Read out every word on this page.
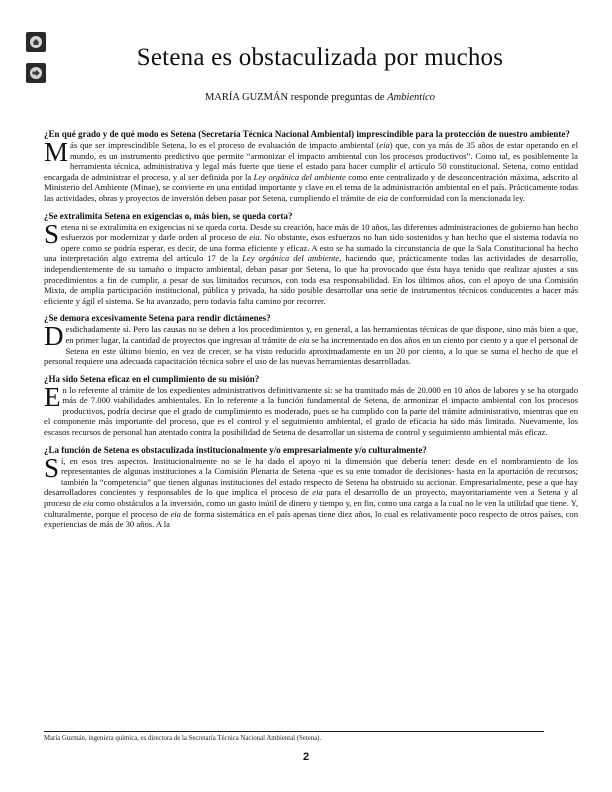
Setena es obstaculizada por muchos
MARÍA GUZMÁN responde preguntas de Ambientico

¿En qué grado y de qué modo es Setena (Secretaría Técnica Nacional Ambiental) imprescindible para la protección de nuestro ambiente?

Más que ser imprescindible Setena, lo es el proceso de evaluación de impacto ambiental (eia) que, con ya más de 35 años de estar operando en el mundo, es un instrumento predictivo que permite “armonizar el impacto ambiental con los procesos productivos”. Como tal, es posiblemente la herramienta técnica, administrativa y legal más fuerte que tiene el estado para hacer cumplir el artículo 50 constitucional. Setena, como entidad encargada de administrar el proceso, y al ser definida por la Ley orgánica del ambiente como ente centralizado y de desconcentración máxima, adscrito al Ministerio del Ambiente (Minae), se convierte en una entidad importante y clave en el tema de la administración ambiental en el país. Prácticamente todas las actividades, obras y proyectos de inversión deben pasar por Setena, cumpliendo el trámite de eia de conformidad con la mencionada ley.

¿Se extralimita Setena en exigencias o, más bien, se queda corta?

Setena ni se extralimita en exigencias ni se queda corta. Desde su creación, hace más de 10 años, las diferentes administraciones de gobierno han hecho esfuerzos por modernizar y darle orden al proceso de eia. No obstante, esos esfuerzos no han sido sostenidos y han hecho que el sistema todavía no opere como se podría esperar, es decir, de una forma eficiente y eficaz. A esto se ha sumado la circunstancia de que la Sala Constitucional ha hecho una interpretación algo extrema del artículo 17 de la Ley orgánica del ambiente, haciendo que, prácticamente todas las actividades de desarrollo, independientemente de su tamaño o impacto ambiental, deban pasar por Setena, lo que ha provocado que ésta haya tenido que realizar ajustes a sus procedimientos a fin de cumplir, a pesar de sus limitados recursos, con toda esa responsabilidad. En los últimos años, con el apoyo de una Comisión Mixta, de amplia participación institucional, pública y privada, ha sido posible desarrollar una serie de instrumentos técnicos conducentes a hacer más eficiente y ágil el sistema. Se ha avanzado, pero todavía falta camino por recorrer.

¿Se demora excesivamente Setena para rendir dictámenes?

Desdichadamente sí. Pero las causas no se deben a los procedimientos y, en general, a las herramientas técnicas de que dispone, sino más bien a que, en primer lugar, la cantidad de proyectos que ingresan al trámite de eia se ha incrementado en dos años en un ciento por ciento y a que el personal de Setena en este último bienio, en vez de crecer, se ha visto reducido aproximadamente en un 20 por ciento, a lo que se suma el hecho de que el personal requiere una adecuada capacitación técnica sobre el uso de las nuevas herramientas desarrolladas.

¿Ha sido Setena eficaz en el cumplimiento de su misión?

En lo referente al trámite de los expedientes administrativos definitivamente sí: se ha tramitado más de 20.000 en 10 años de labores y se ha otorgado más de 7.000 viabilidades ambientales. En lo referente a la función fundamental de Setena, de armonizar el impacto ambiental con los procesos productivos, podría decirse que el grado de cumplimiento es moderado, pues se ha cumplido con la parte del trámite administrativo, mientras que en el componente más importante del proceso, que es el control y el seguimiento ambiental, el grado de eficacia ha sido más limitado. Nuevamente, los escasos recursos de personal han atentado contra la posibilidad de Setena de desarrollar un sistema de control y seguimiento ambiental más eficaz.

¿La función de Setena es obstaculizada institucionalmente y/o empresarialmente y/o culturalmente?

Sí, en esos tres aspectos. Institucionalmente no se le ha dado el apoyo ni la dimensión que debería tener: desde en el nombramiento de los representantes de algunas instituciones a la Comisión Plenaria de Setena -que es su ente tomador de decisiones- hasta en la aportación de recursos; también la “competencia” que tienen algunas instituciones del estado respecto de Setena ha obstruido su accionar. Empresarialmente, pese a que hay desarrolladores concientes y responsables de lo que implica el proceso de eia para el desarrollo de un proyecto, mayoritariamente ven a Setena y al proceso de eia como obstáculos a la inversión, como un gasto inútil de dinero y tiempo y, en fin, como una carga a la cual no le ven la utilidad que tiene. Y, culturalmente, porque el proceso de eia de forma sistemática en el país apenas tiene diez años, lo cual es relativamente poco respecto de otros países, con experiencias de más de 30 años. A la

María Guzmán, ingeniera química, es directora de la Secretaría Técnica Nacional Ambiental (Setena).
2
